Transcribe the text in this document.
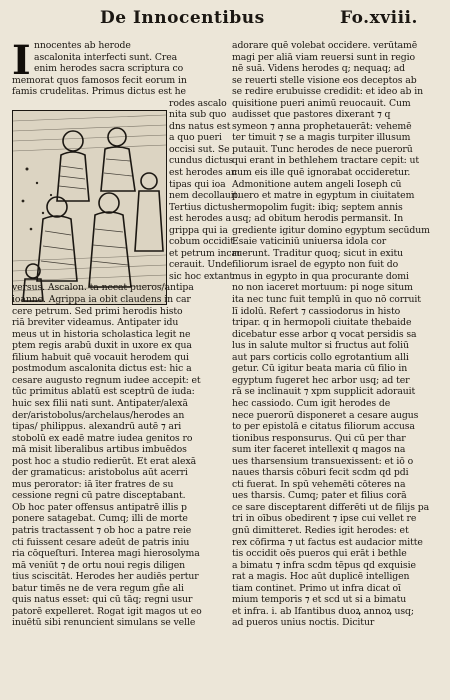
De Innocentibus	Fo.xviii.
I nnocentes ab herode
ascalonita interfecti sunt. Crea
enim herodes sacra scriptura co
memorat quos famosos fecit eorum in
famis crudelitas. Primus dictus est he
rodes ascalo
nita sub quo
dns natus est
a quo pueri
occisi sut. Se
cundus dictus
est herodes an
tipas qui ioa
nem decollauit.
Tertius dictus
est herodes a
grippa qui ia
cobum occidit
et petrum incar
cerauit. Unde
sic hoc extant
versus. Ascalon. ta necat pueros/antipa
ioanne. Agrippa ia obit claudens in car
cere petrum. Sed primi herodis histo
riā breviter videamus. Antipater idu
meus ut in historia scholastica legit ne
ptem regis arabū duxit in uxore ex qua
filium habuit quē vocauit herodem qui
postmodum ascalonita dictus est: hic a
cesare augusto regnum iudee accepit: et
tūc primitus ablatū est sceptrū de iuda:
huic sex filii nati sunt. Antipater/alexā
der/aristobolus/archelaus/herodes an
tipas/ philippus. alexandrū autē ⁊ ari
stobolū ex eadē matre iudea genitos ro
mā misit liberalibus artibus imbuēdos
post hoc a studio redierūt. Et erat alexā
der gramaticus: aristobolus aūt acerri
mus perorator: iā īter fratres de su
cessione regni cū patre disceptabant.
Ob hoc pater offensus antipatrē illis p
ponere satagebat. Cumq; illi de morte
patris tractassent ⁊ ob hoc a patre reie
cti fuissent cesare adeūt de patris iniu
ria cōqueſturi. Interea magi hierosolyma
mā veniūt ⁊ de ortu noui regis diligen
tius sciscitāt. Herodes her audiēs pertur
batur timēs ne de vera regum gñe ali
quis natus esset: qui cū tāq; regni usur
patorē expelleret. Rogat igit magos ut eo
inuētū sibi renuncient simulans se velle
adorare quē volebat occidere. verūtamē
magi per aliā viam reuersi sunt in regio
nē suā. Videns herodes q; nequaq; ad
se reuerti stelle visione eos deceptos ab
se redire erubuisse credidit: et ideo ab in
quisitione pueri animū reuocauit. Cum
audisset que pastores dixerant ⁊ q
symeon ⁊ anna prophetauerāt: vehemē
ter timuit ⁊ se a magis turpiter illusum
putauit. Tunc herodes de nece puerorū
qui erant in bethlehem tractare cepit: ut
cum eis ille quē ignorabat occideretur.
Admonitione autem angeli Ioseph cū
puero et matre in egyptum in ciuitatem
hermopolim fugit: ibiq; septem annis
usq; ad obitum herodis permansit. In
grediente igitur domino egyptum secūdum
Esaie vaticiniū uniuersa idola cor
ruerunt. Traditur quoq; sicut in exitu
filiorum israel de egypto non fuit do
mus in egypto in qua procurante domi
no non iaceret mortuum: pi noge situm
ita nec tunc fuit templū in quo nō corruit
lī idolū. Refert ⁊ cassiodorus in histo
tripar. q in hermopoli ciuitate thebaide
dicebatur esse arbor q vocat persidis sa
lus in salute multor si fructus aut foliū
aut pars corticis collo egrotantium alli
getur. Cū igitur beata maria cū filio in
egyptum fugeret hec arbor usq; ad ter
rā se inclinauit ⁊ xpm supplicit adorauit
hec cassiodo. Cum igit herodes de
nece puerorū disponeret a cesare augus
to per epistolā e citatus filiorum accusa
tionibus responsurus. Qui cū per thar
sum iter faceret intellexit q magos na
ues tharsensium transuexissent: et iō o
naues tharsis cōburi fecit scdm qd pdi
cti fuerat. In spū vehemēti cōteres na
ues tharsis. Cumq; pater et filius corā
ce sare disceptarent differēti ut de filijs pa
tri in oībus obedirent ⁊ ipse cui vellet re
gnū dimitteret. Redies igit herodes: et
rex cōfirma ⁊ ut factus est audacior mitte
tis occidit oēs pueros qui erāt i bethle
a bimatu ⁊ infra scdm tēpus qd exquisie
rat a magis. Hoc aūt duplicē intelligen
tiam continet. Primo ut infra dicat oī
mium temporis ⁊ et scd ut si a bimatu
et infra. i. ab Ifantibus duoꝝ annoꝝ usq;
ad pueros unius noctis. Dicitur
